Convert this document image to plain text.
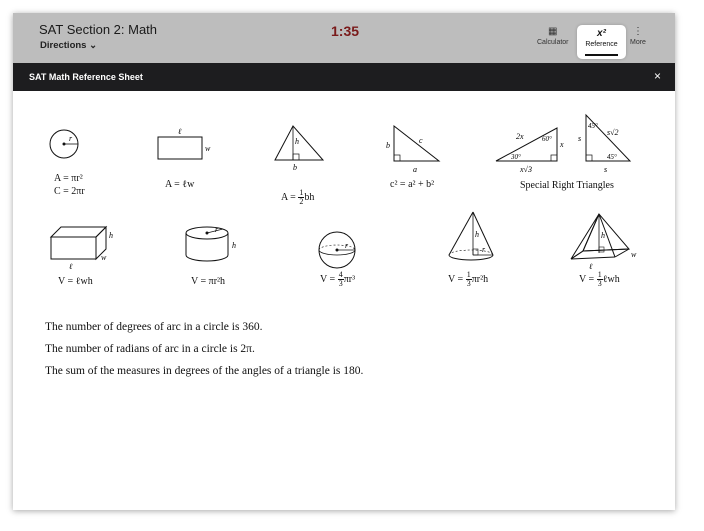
SAT Section 2: Math
Directions ⌄
1:35	▦
Calculator
x²
Reference
⋮
More
SAT Math Reference Sheet	×
r
A = πr²
C = 2πr
ℓ
w
A = ℓw
h
b
$A = \frac{1}{2}$ bh
b
c
a
c² = a² + b²
2x	60°
30°
x
x√3
s
45°
s√2
45°
s
Special Right Triangles
h
w
ℓ
V = ℓwh
r
h
V = πr²h
r
$V = \frac{4}{3} \pi r^3$
h
r
$V = \frac{1}{3} \pi r^2h$
h
w
ℓ
$V = \frac{1}{3}$ ℓwh
The number of degrees of arc in a circle is 360.
The number of radians of arc in a circle is 2π.
The sum of the measures in degrees of the angles of a triangle is 180.
